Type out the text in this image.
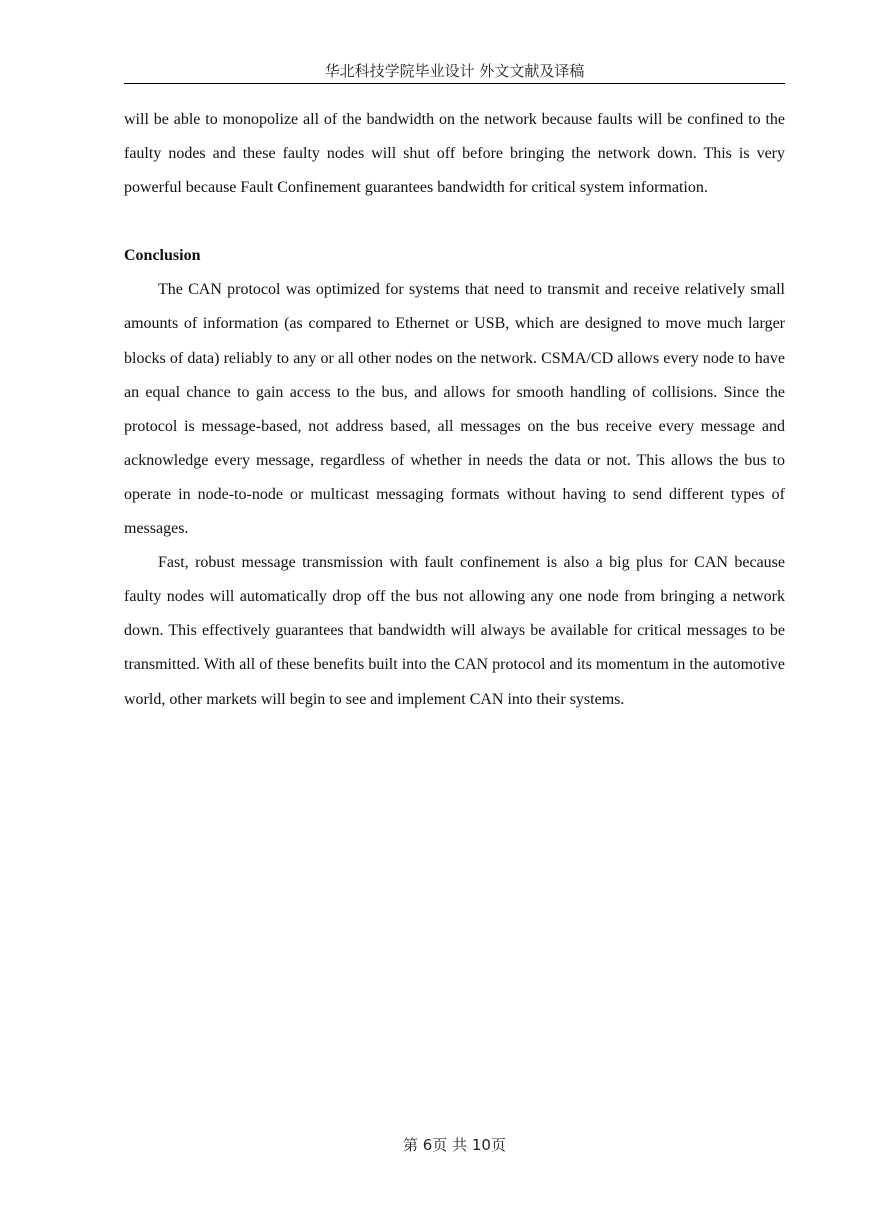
华北科技学院毕业设计 外文文献及译稿

will be able to monopolize all of the bandwidth on the network because faults will be confined to the faulty nodes and these faulty nodes will shut off before bringing the network down. This is very powerful because Fault Confinement guarantees bandwidth for critical system information.

Conclusion

The CAN protocol was optimized for systems that need to transmit and receive relatively small amounts of information (as compared to Ethernet or USB, which are designed to move much larger blocks of data) reliably to any or all other nodes on the network. CSMA/CD allows every node to have an equal chance to gain access to the bus, and allows for smooth handling of collisions. Since the protocol is message-based, not address based, all messages on the bus receive every message and acknowledge every message, regardless of whether in needs the data or not. This allows the bus to operate in node-to-node or multicast messaging formats without having to send different types of messages.

Fast, robust message transmission with fault confinement is also a big plus for CAN because faulty nodes will automatically drop off the bus not allowing any one node from bringing a network down. This effectively guarantees that bandwidth will always be available for critical messages to be transmitted. With all of these benefits built into the CAN protocol and its momentum in the automotive world, other markets will begin to see and implement CAN into their systems.

第 6页 共 10页
